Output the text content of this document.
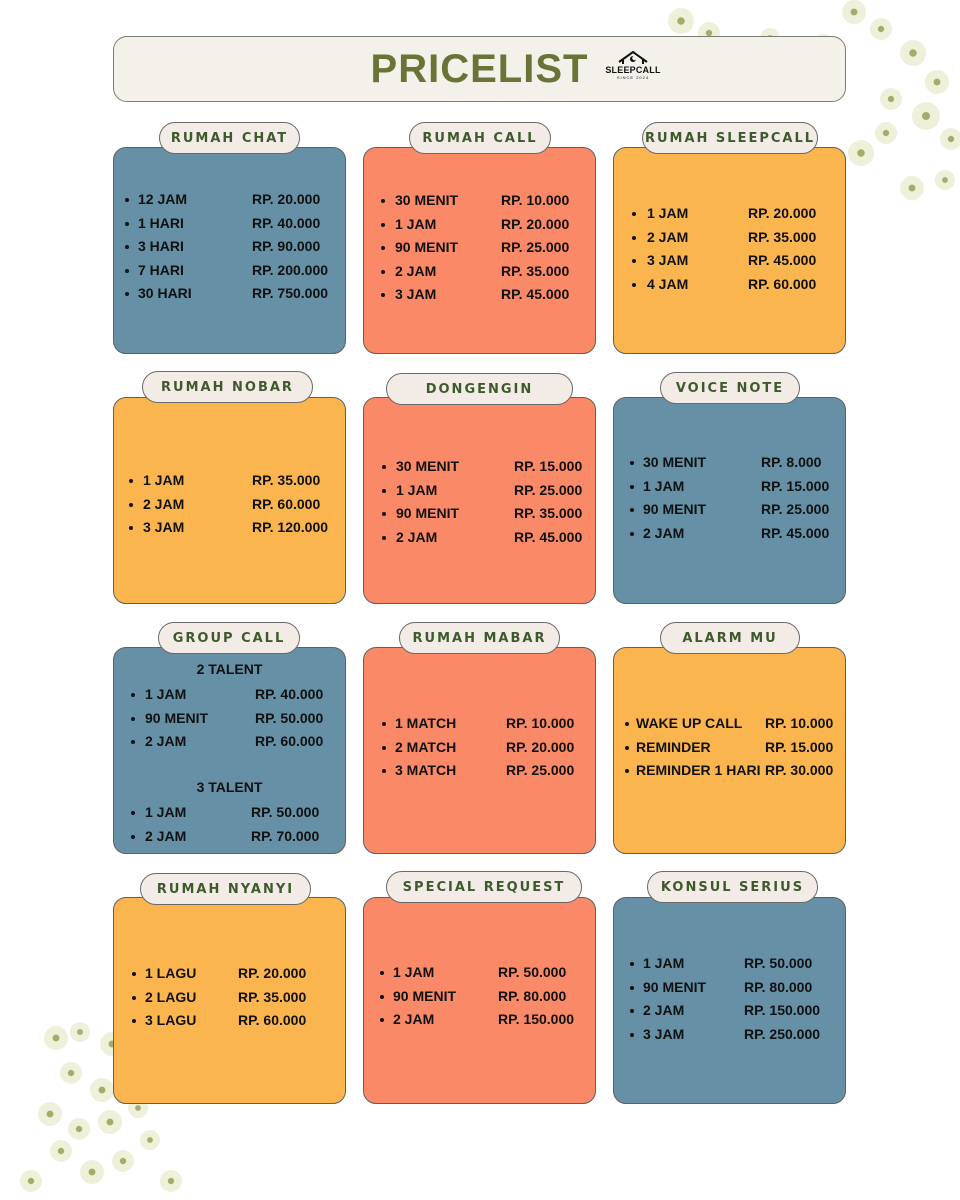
PRICELIST	SLEEPCALL
SINCE 2024
12 JAM	RP. 20.000
1 HARI	RP. 40.000
3 HARI	RP. 90.000
7 HARI	RP. 200.000
30 HARI	RP. 750.000
RUMAH CHAT
30 MENIT	RP. 10.000
1 JAM	RP. 20.000
90 MENIT	RP. 25.000
2 JAM	RP. 35.000
3 JAM	RP. 45.000
RUMAH CALL
1 JAM	RP. 20.000
2 JAM	RP. 35.000
3 JAM	RP. 45.000
4 JAM	RP. 60.000
RUMAH SLEEPCALL
1 JAM	RP. 35.000
2 JAM	RP. 60.000
3 JAM	RP. 120.000
RUMAH NOBAR
30 MENIT	RP. 15.000
1 JAM	RP. 25.000
90 MENIT	RP. 35.000
2 JAM	RP. 45.000
DONGENGIN
30 MENIT	RP. 8.000
1 JAM	RP. 15.000
90 MENIT	RP. 25.000
2 JAM	RP. 45.000
VOICE NOTE
2 TALENT
1 JAM	RP. 40.000
90 MENIT	RP. 50.000
2 JAM	RP. 60.000
3 TALENT
1 JAM	RP. 50.000
2 JAM	RP. 70.000
GROUP CALL
1 MATCH	RP. 10.000
2 MATCH	RP. 20.000
3 MATCH	RP. 25.000
RUMAH MABAR
WAKE UP CALL RP. 10.000
REMINDER	RP. 15.000
REMINDER 1 HARI RP. 30.000
ALARM MU
1 LAGU	RP. 20.000
2 LAGU	RP. 35.000
3 LAGU	RP. 60.000
RUMAH NYANYI
1 JAM	RP. 50.000
90 MENIT	RP. 80.000
2 JAM	RP. 150.000
SPECIAL REQUEST
1 JAM	RP. 50.000
90 MENIT	RP. 80.000
2 JAM	RP. 150.000
3 JAM	RP. 250.000
KONSUL SERIUS
